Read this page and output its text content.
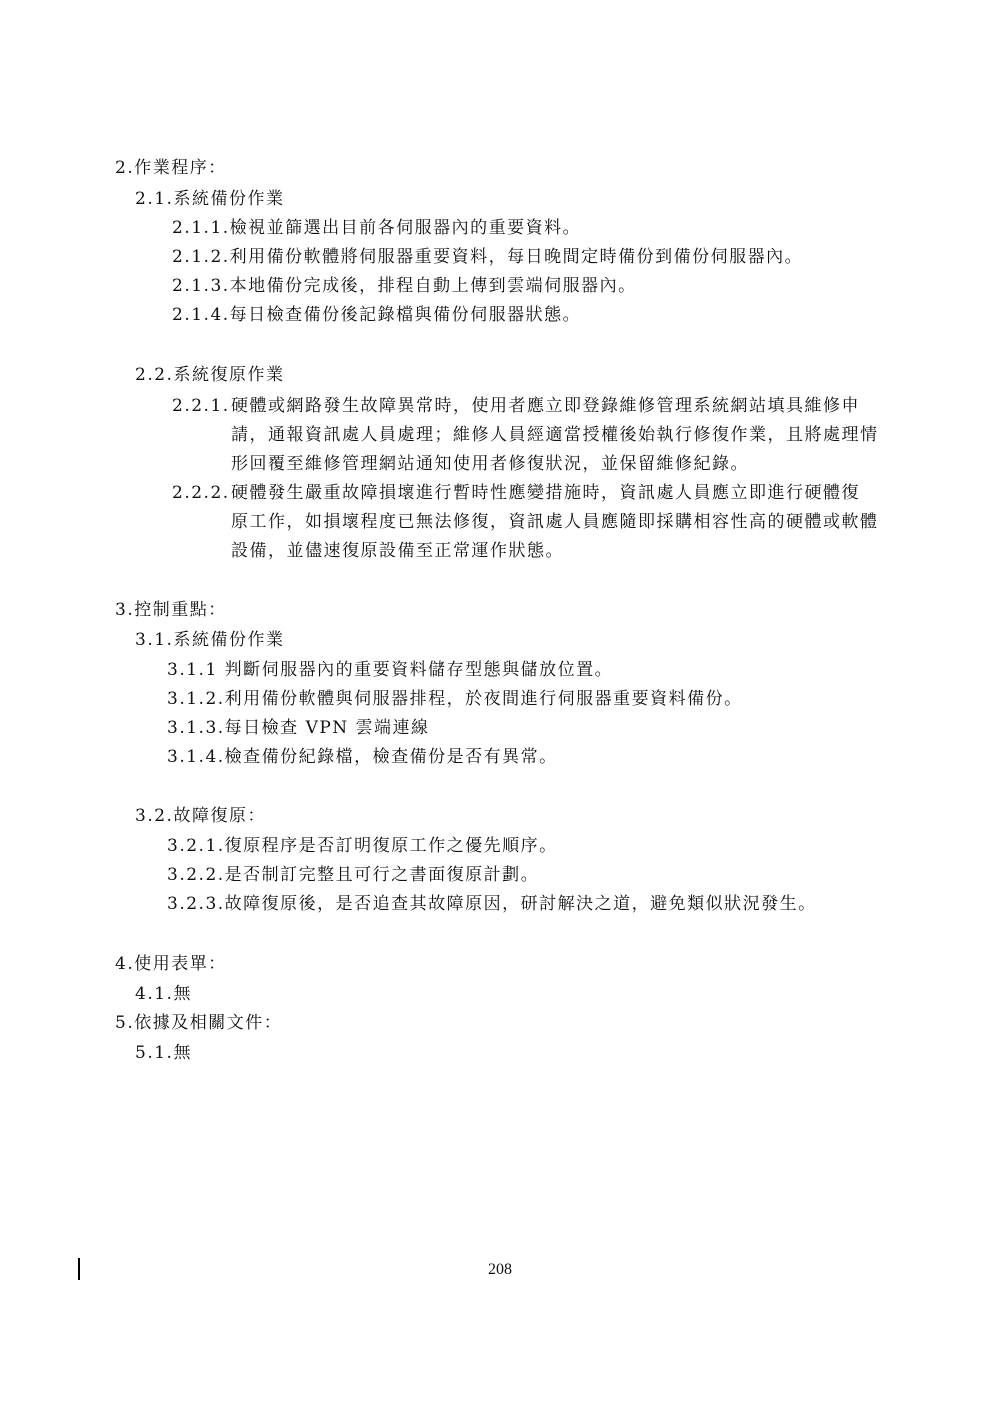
2.作業程序：
2.1.系統備份作業
2.1.1.檢視並篩選出目前各伺服器內的重要資料。
2.1.2.利用備份軟體將伺服器重要資料，每日晚間定時備份到備份伺服器內。
2.1.3.本地備份完成後，排程自動上傳到雲端伺服器內。
2.1.4.每日檢查備份後記錄檔與備份伺服器狀態。
2.2.系統復原作業
2.2.1. 硬體或網路發生故障異常時，使用者應立即登錄維修管理系統網站填具維修申
請，通報資訊處人員處理；維修人員經適當授權後始執行修復作業，且將處理情
形回覆至維修管理網站通知使用者修復狀況，並保留維修紀錄。
2.2.2. 硬體發生嚴重故障損壞進行暫時性應變措施時，資訊處人員應立即進行硬體復
原工作，如損壞程度已無法修復，資訊處人員應隨即採購相容性高的硬體或軟體
設備，並儘速復原設備至正常運作狀態。
3.控制重點：
3.1.系統備份作業
3.1.1 判斷伺服器內的重要資料儲存型態與儲放位置。
3.1.2.利用備份軟體與伺服器排程，於夜間進行伺服器重要資料備份。
3.1.3.每日檢查 VPN 雲端連線
3.1.4.檢查備份紀錄檔，檢查備份是否有異常。
3.2.故障復原：
3.2.1.復原程序是否訂明復原工作之優先順序。
3.2.2.是否制訂完整且可行之書面復原計劃。
3.2.3.故障復原後，是否追查其故障原因，研討解決之道，避免類似狀況發生。
4.使用表單：
4.1.無
5.依據及相關文件：
5.1.無
208
